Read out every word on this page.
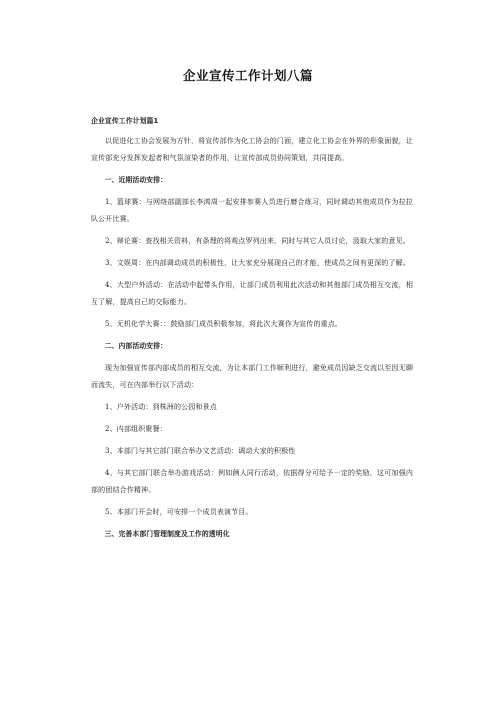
企业宣传工作计划八篇

企业宣传工作计划篇1

以促进化工协会发展为方针，将宣传部作为化工协会的门面，建立化工协会在外界的形象面貌，让宣传部充分发挥发起者和气氛渲染者的作用，让宣传部成员协同策划，共同提高。

一、近期活动安排：

1、篮球赛：与网络部副部长李鸿周一起安排参赛人员进行磨合练习，同时调动其他成员作为拉拉队公开比赛。

2、辩论赛：查找相关资料，有条理的将观点罗列出来，同时与其它人员讨论，汲取大家的意见。

3、文娱周：在内部调动成员的积极性，让大家充分展现自己的才能，使成员之间有更深的了解。

4、大型户外活动：在活动中起带头作用，让部门成员利用此次活动和其他部门成员相互交流，相互了解，提高自己的交际能力。

5、无机化学大赛：：鼓励部门成员积极参加，将此次大赛作为宣传的重点。

二、内部活动安排：

现为加强宣传部内部成员的相互交流，为让本部门工作顺利进行，避免成员因缺乏交流以至因无聊而流失，可在内部举行以下活动：

1、户外活动：到株洲的公园和景点

2、内部组织聚餐：

3、本部门与其它部门联合举办文艺活动：调动大家的积极性

4、与其它部门联合举办游戏活动：例如俩人同行活动，依据得分可给予一定的奖励，这可加强内部的团结合作精神。

5、本部门开会时，可安排一个成员表演节目。

三、完善本部门管理制度及工作的透明化
